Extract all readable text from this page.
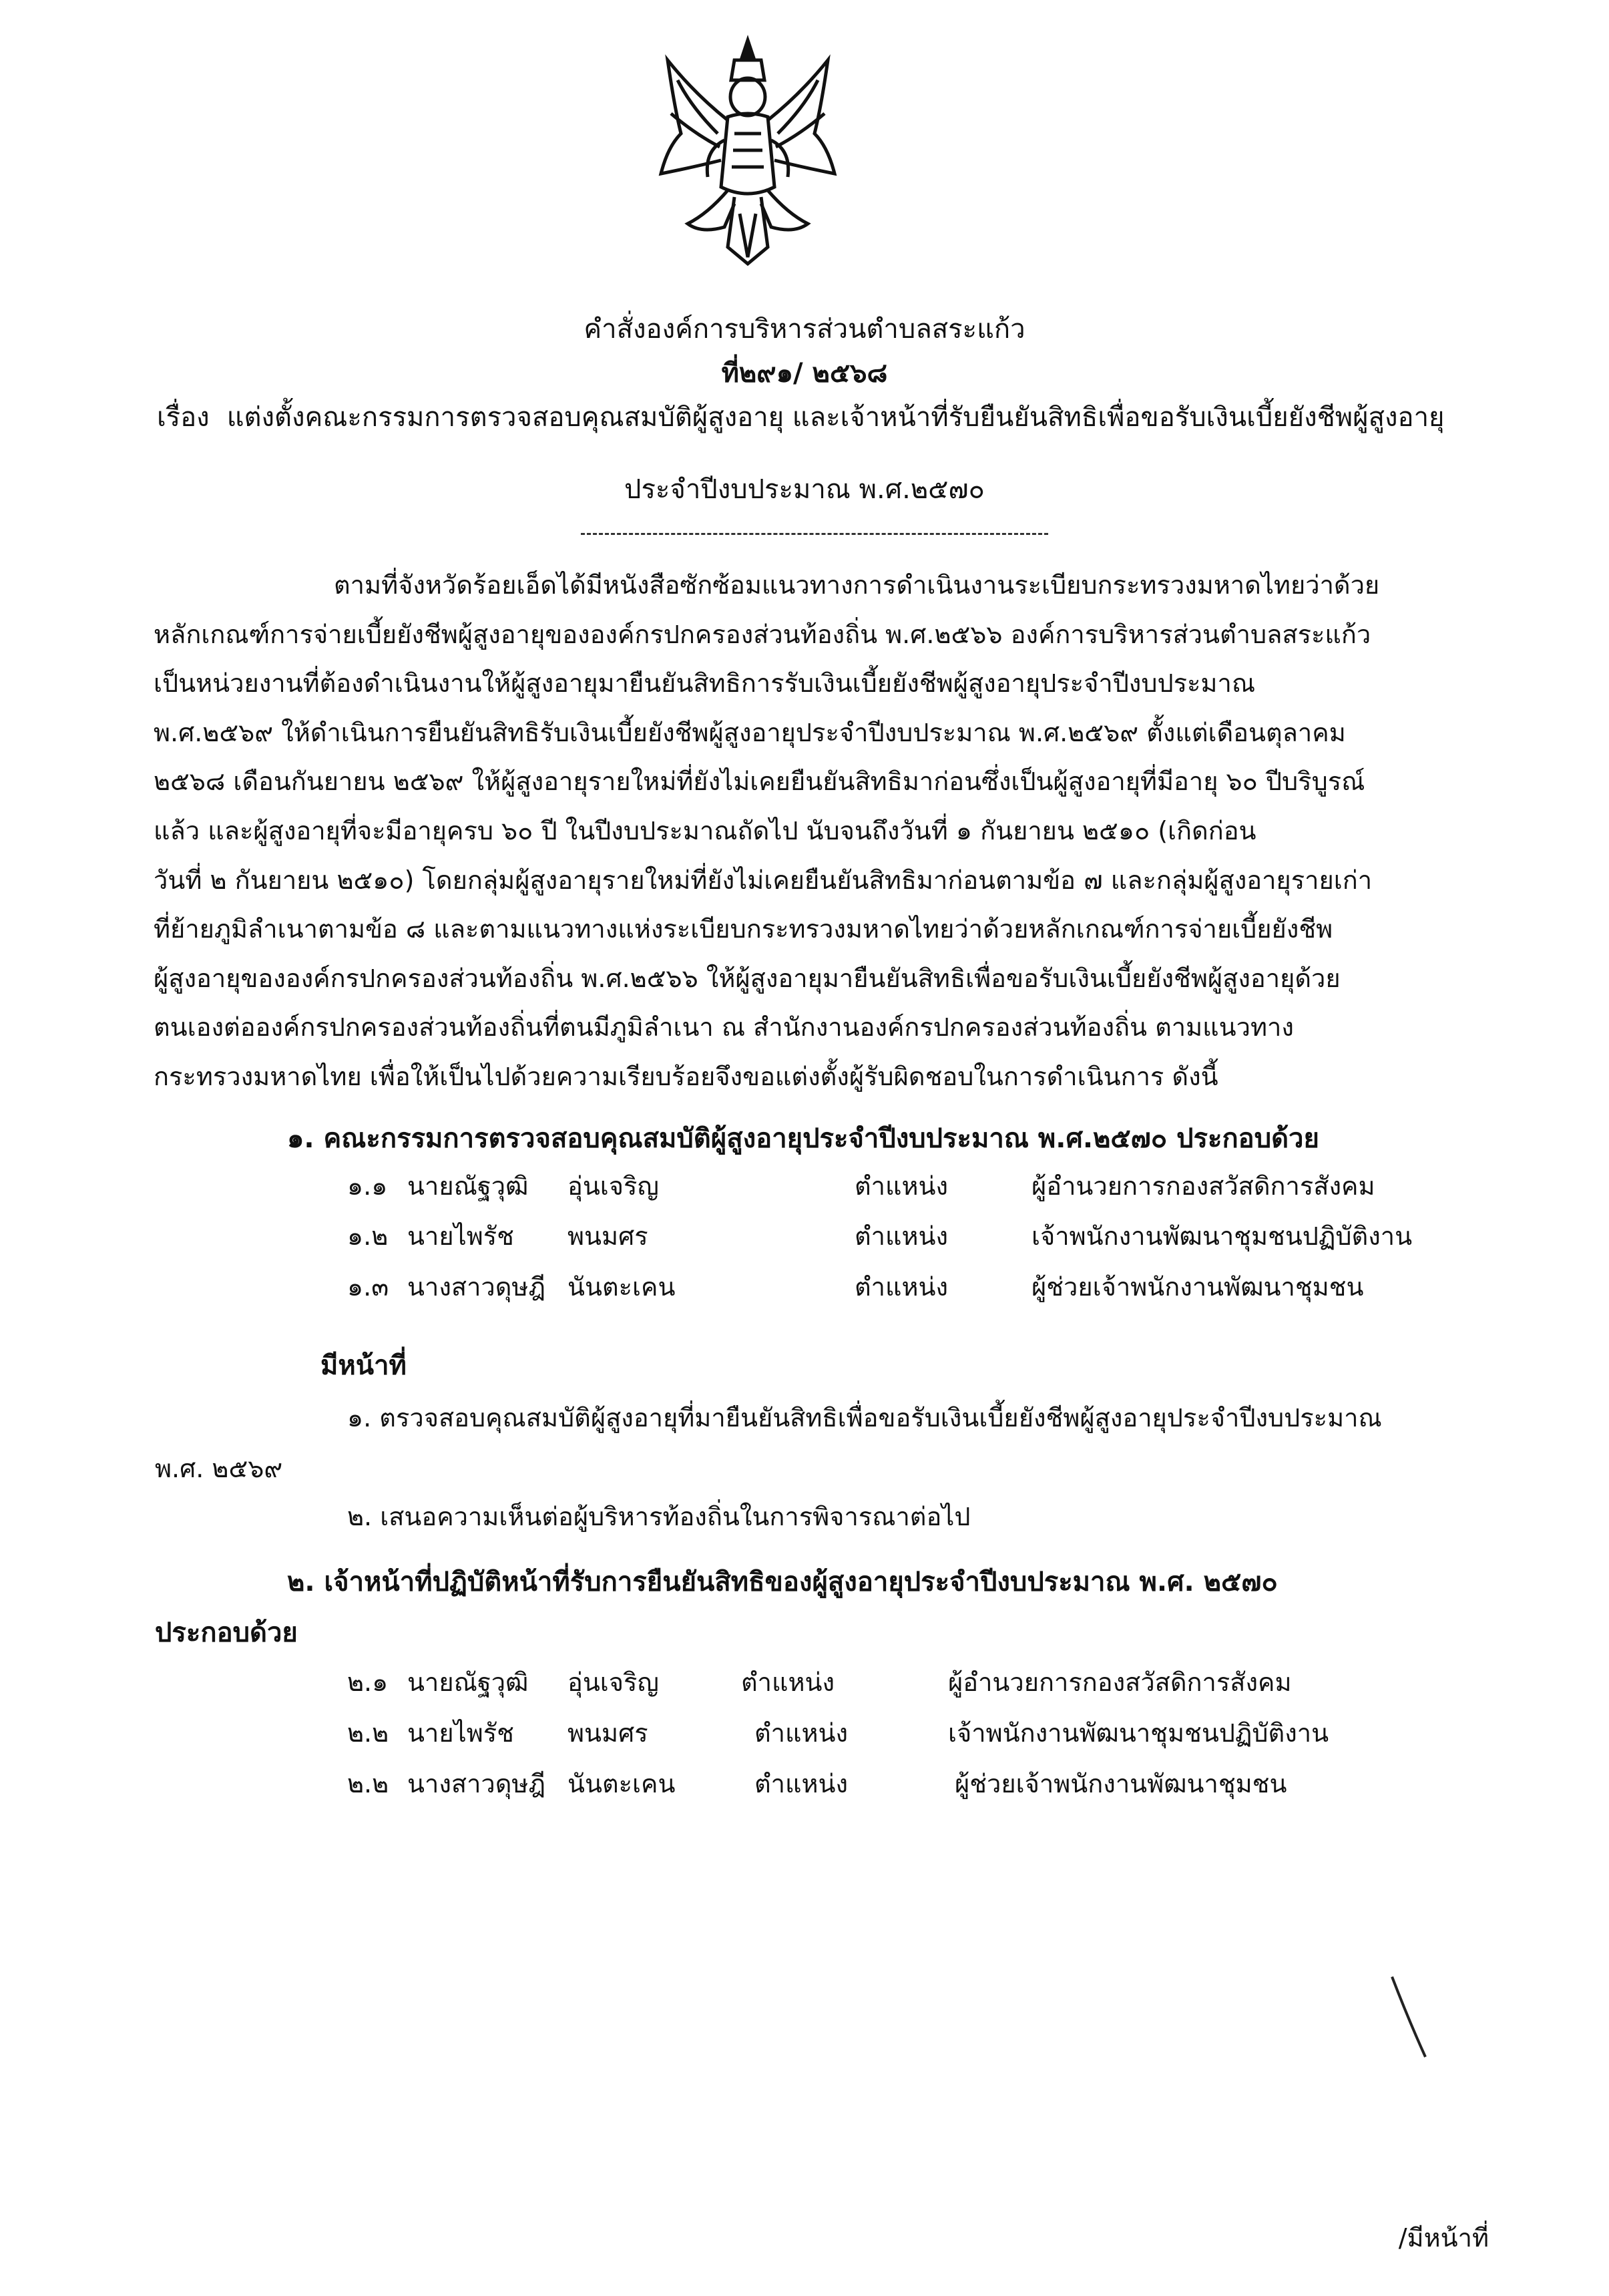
คำสั่งองค์การบริหารส่วนตำบลสระแก้ว
ที่๒๙๑/ ๒๕๖๘
เรื่อง แต่งตั้งคณะกรรมการตรวจสอบคุณสมบัติผู้สูงอายุ และเจ้าหน้าที่รับยืนยันสิทธิเพื่อขอรับเงินเบี้ยยังชีพผู้สูงอายุ
ประจำปีงบประมาณ พ.ศ.๒๕๗๐

ตามที่จังหวัดร้อยเอ็ดได้มีหนังสือซักซ้อมแนวทางการดำเนินงานระเบียบกระทรวงมหาดไทยว่าด้วย

หลักเกณฑ์การจ่ายเบี้ยยังชีพผู้สูงอายุขององค์กรปกครองส่วนท้องถิ่น พ.ศ.๒๕๖๖ องค์การบริหารส่วนตำบลสระแก้ว

เป็นหน่วยงานที่ต้องดำเนินงานให้ผู้สูงอายุมายืนยันสิทธิการรับเงินเบี้ยยังชีพผู้สูงอายุประจำปีงบประมาณ

พ.ศ.๒๕๖๙ ให้ดำเนินการยืนยันสิทธิรับเงินเบี้ยยังชีพผู้สูงอายุประจำปีงบประมาณ พ.ศ.๒๕๖๙ ตั้งแต่เดือนตุลาคม

๒๕๖๘ เดือนกันยายน ๒๕๖๙ ให้ผู้สูงอายุรายใหม่ที่ยังไม่เคยยืนยันสิทธิมาก่อนซึ่งเป็นผู้สูงอายุที่มีอายุ ๖๐ ปีบริบูรณ์

แล้ว และผู้สูงอายุที่จะมีอายุครบ ๖๐ ปี ในปีงบประมาณถัดไป นับจนถึงวันที่ ๑ กันยายน ๒๕๑๐ (เกิดก่อน

วันที่ ๒ กันยายน ๒๕๑๐) โดยกลุ่มผู้สูงอายุรายใหม่ที่ยังไม่เคยยืนยันสิทธิมาก่อนตามข้อ ๗ และกลุ่มผู้สูงอายุรายเก่า

ที่ย้ายภูมิลำเนาตามข้อ ๘ และตามแนวทางแห่งระเบียบกระทรวงมหาดไทยว่าด้วยหลักเกณฑ์การจ่ายเบี้ยยังชีพ

ผู้สูงอายุขององค์กรปกครองส่วนท้องถิ่น พ.ศ.๒๕๖๖ ให้ผู้สูงอายุมายืนยันสิทธิเพื่อขอรับเงินเบี้ยยังชีพผู้สูงอายุด้วย

ตนเองต่อองค์กรปกครองส่วนท้องถิ่นที่ตนมีภูมิลำเนา ณ สำนักงานองค์กรปกครองส่วนท้องถิ่น ตามแนวทาง

กระทรวงมหาดไทย เพื่อให้เป็นไปด้วยความเรียบร้อยจึงขอแต่งตั้งผู้รับผิดชอบในการดำเนินการ ดังนี้

๑. คณะกรรมการตรวจสอบคุณสมบัติผู้สูงอายุประจำปีงบประมาณ พ.ศ.๒๕๗๐ ประกอบด้วย
๑.๑ นายณัฐวุฒิ อุ่นเจริญ	ตำแหน่ง	ผู้อำนวยการกองสวัสดิการสังคม
๑.๒ นายไพรัช พนมศร	ตำแหน่ง	เจ้าพนักงานพัฒนาชุมชนปฏิบัติงาน
๑.๓ นางสาวดุษฎี นันตะเคน	ตำแหน่ง	ผู้ช่วยเจ้าพนักงานพัฒนาชุมชน
มีหน้าที่
๑. ตรวจสอบคุณสมบัติผู้สูงอายุที่มายืนยันสิทธิเพื่อขอรับเงินเบี้ยยังชีพผู้สูงอายุประจำปีงบประมาณ
พ.ศ. ๒๕๖๙
๒. เสนอความเห็นต่อผู้บริหารท้องถิ่นในการพิจารณาต่อไป
๒. เจ้าหน้าที่ปฏิบัติหน้าที่รับการยืนยันสิทธิของผู้สูงอายุประจำปีงบประมาณ พ.ศ. ๒๕๗๐
ประกอบด้วย
๒.๑ นายณัฐวุฒิ อุ่นเจริญ	ตำแหน่ง	ผู้อำนวยการกองสวัสดิการสังคม
๒.๒ นายไพรัช พนมศร	ตำแหน่ง	เจ้าพนักงานพัฒนาชุมชนปฏิบัติงาน
๒.๒ นางสาวดุษฎี นันตะเคน	ตำแหน่ง	ผู้ช่วยเจ้าพนักงานพัฒนาชุมชน
/มีหน้าที่
